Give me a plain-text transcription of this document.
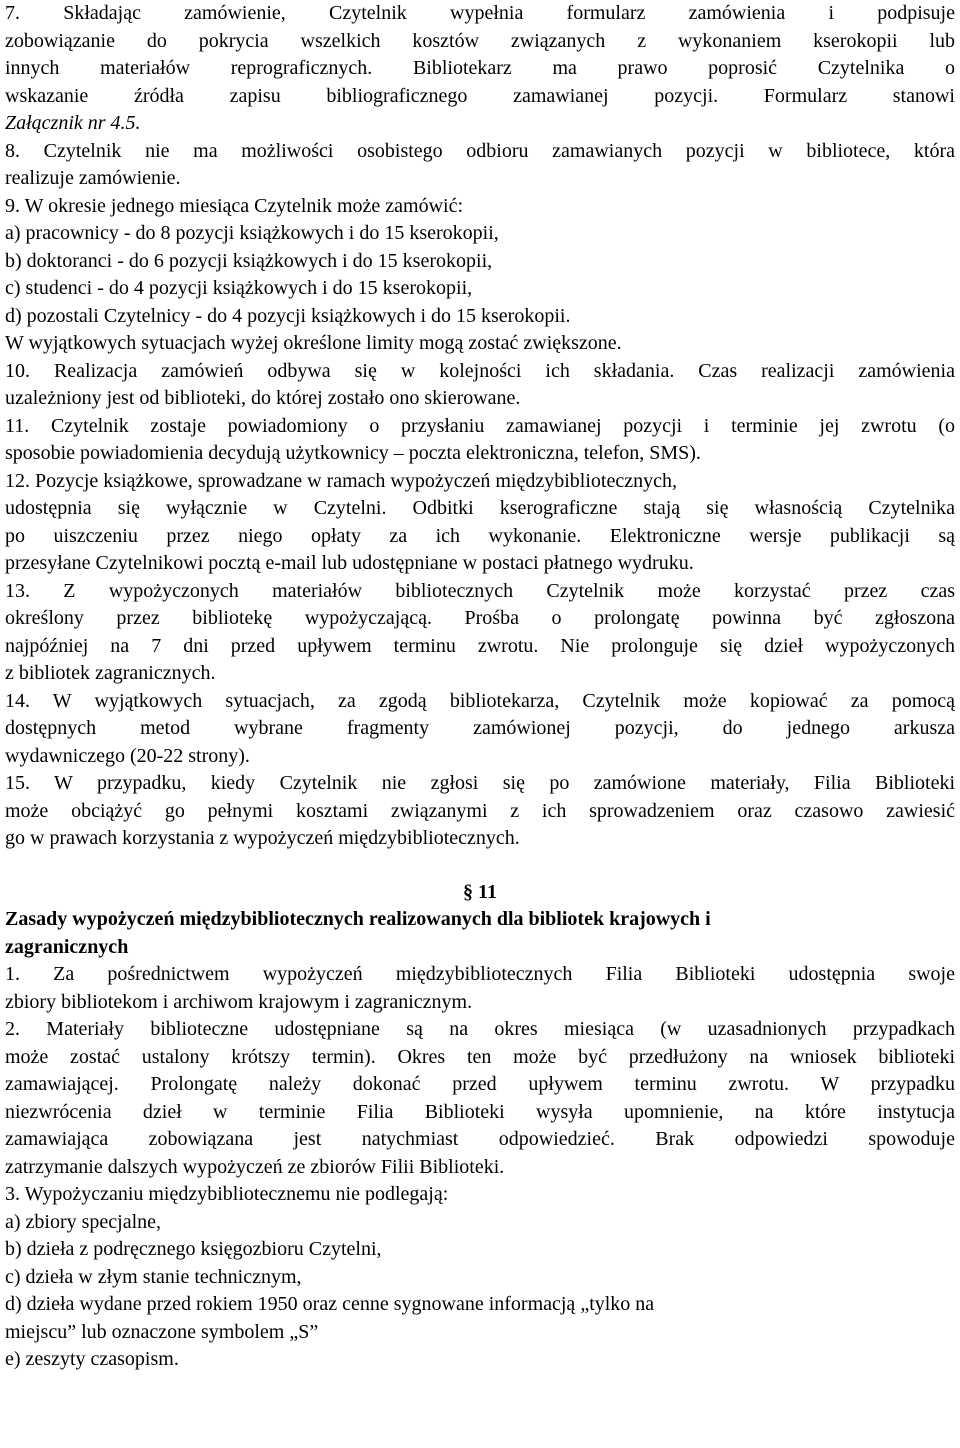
7. Składając zamówienie, Czytelnik wypełnia formularz zamówienia i podpisuje
zobowiązanie do pokrycia wszelkich kosztów związanych z wykonaniem kserokopii lub
innych materiałów reprograficznych. Bibliotekarz ma prawo poprosić Czytelnika o
wskazanie źródła zapisu bibliograficznego zamawianej pozycji. Formularz stanowi
Załącznik nr 4.5.
8. Czytelnik nie ma możliwości osobistego odbioru zamawianych pozycji w bibliotece, która
realizuje zamówienie.
9. W okresie jednego miesiąca Czytelnik może zamówić:
a) pracownicy - do 8 pozycji książkowych i do 15 kserokopii,
b) doktoranci - do 6 pozycji książkowych i do 15 kserokopii,
c) studenci - do 4 pozycji książkowych i do 15 kserokopii,
d) pozostali Czytelnicy - do 4 pozycji książkowych i do 15 kserokopii.
W wyjątkowych sytuacjach wyżej określone limity mogą zostać zwiększone.
10. Realizacja zamówień odbywa się w kolejności ich składania. Czas realizacji zamówienia
uzależniony jest od biblioteki, do której zostało ono skierowane.
11. Czytelnik zostaje powiadomiony o przysłaniu zamawianej pozycji i terminie jej zwrotu (o
sposobie powiadomienia decydują użytkownicy – poczta elektroniczna, telefon, SMS).
12. Pozycje książkowe, sprowadzane w ramach wypożyczeń międzybibliotecznych,
udostępnia się wyłącznie w Czytelni. Odbitki kserograficzne stają się własnością Czytelnika
po uiszczeniu przez niego opłaty za ich wykonanie. Elektroniczne wersje publikacji są
przesyłane Czytelnikowi pocztą e-mail lub udostępniane w postaci płatnego wydruku.
13. Z wypożyczonych materiałów bibliotecznych Czytelnik może korzystać przez czas
określony przez bibliotekę wypożyczającą. Prośba o prolongatę powinna być zgłoszona
najpóźniej na 7 dni przed upływem terminu zwrotu. Nie prolonguje się dzieł wypożyczonych
z bibliotek zagranicznych.
14. W wyjątkowych sytuacjach, za zgodą bibliotekarza, Czytelnik może kopiować za pomocą
dostępnych metod wybrane fragmenty zamówionej pozycji, do jednego arkusza
wydawniczego (20-22 strony).
15. W przypadku, kiedy Czytelnik nie zgłosi się po zamówione materiały, Filia Biblioteki
może obciążyć go pełnymi kosztami związanymi z ich sprowadzeniem oraz czasowo zawiesić
go w prawach korzystania z wypożyczeń międzybibliotecznych.
§ 11
Zasady wypożyczeń międzybibliotecznych realizowanych dla bibliotek krajowych i
zagranicznych
1. Za pośrednictwem wypożyczeń międzybibliotecznych Filia Biblioteki udostępnia swoje
zbiory bibliotekom i archiwom krajowym i zagranicznym.
2. Materiały biblioteczne udostępniane są na okres miesiąca (w uzasadnionych przypadkach
może zostać ustalony krótszy termin). Okres ten może być przedłużony na wniosek biblioteki
zamawiającej. Prolongatę należy dokonać przed upływem terminu zwrotu. W przypadku
niezwrócenia dzieł w terminie Filia Biblioteki wysyła upomnienie, na które instytucja
zamawiająca zobowiązana jest natychmiast odpowiedzieć. Brak odpowiedzi spowoduje
zatrzymanie dalszych wypożyczeń ze zbiorów Filii Biblioteki.
3. Wypożyczaniu międzybibliotecznemu nie podlegają:
a) zbiory specjalne,
b) dzieła z podręcznego księgozbioru Czytelni,
c) dzieła w złym stanie technicznym,
d) dzieła wydane przed rokiem 1950 oraz cenne sygnowane informacją „tylko na
miejscu” lub oznaczone symbolem „S”
e) zeszyty czasopism.
